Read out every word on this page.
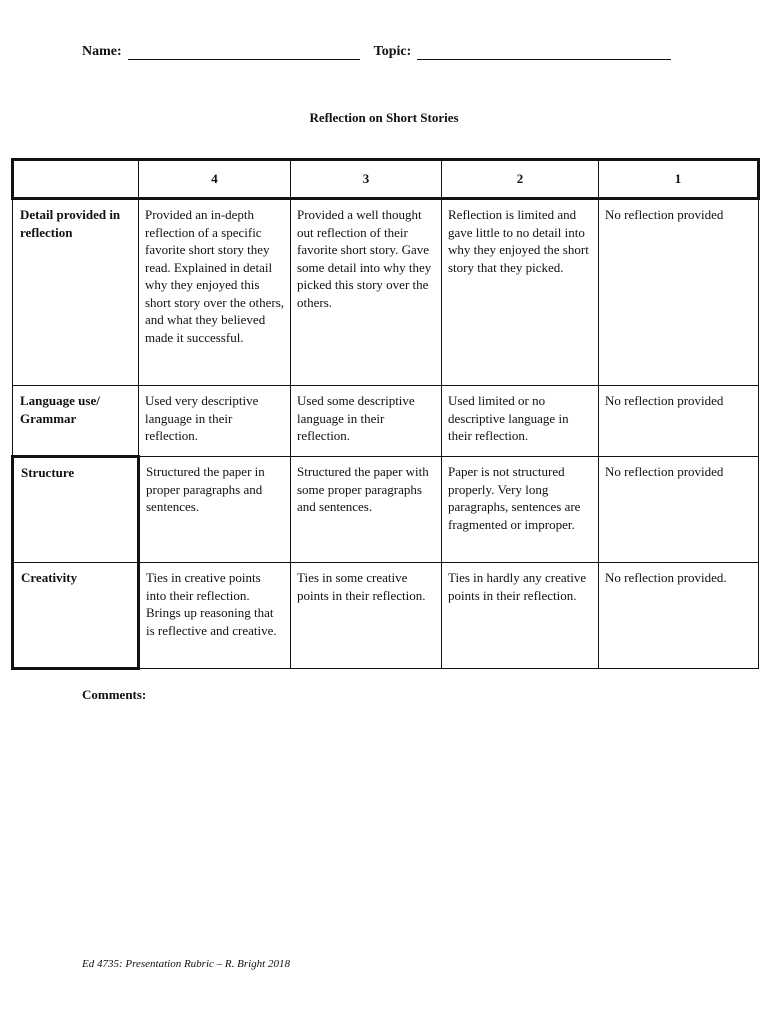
Name:	Topic:
Reflection on Short Stories
	4	3	2	1
Detail provided in reflection	Provided an in-depth reflection of a specific favorite short story they read. Explained in detail why they enjoyed this short story over the others, and what they believed made it successful.	Provided a well thought out reflection of their favorite short story. Gave some detail into why they picked this story over the others.	Reflection is limited and gave little to no detail into why they enjoyed the short story that they picked.	No reflection provided
Language use/ Grammar	Used very descriptive language in their reflection.	Used some descriptive language in their reflection.	Used limited or no descriptive language in their reflection.	No reflection provided
Structure	Structured the paper in proper paragraphs and sentences.	Structured the paper with some proper paragraphs and sentences.	Paper is not structured properly. Very long paragraphs, sentences are fragmented or improper.	No reflection provided
Creativity	Ties in creative points into their reflection. Brings up reasoning that is reflective and creative.	Ties in some creative points in their reflection.	Ties in hardly any creative points in their reflection.	No reflection provided.
Comments:
Ed 4735: Presentation Rubric – R. Bright 2018
